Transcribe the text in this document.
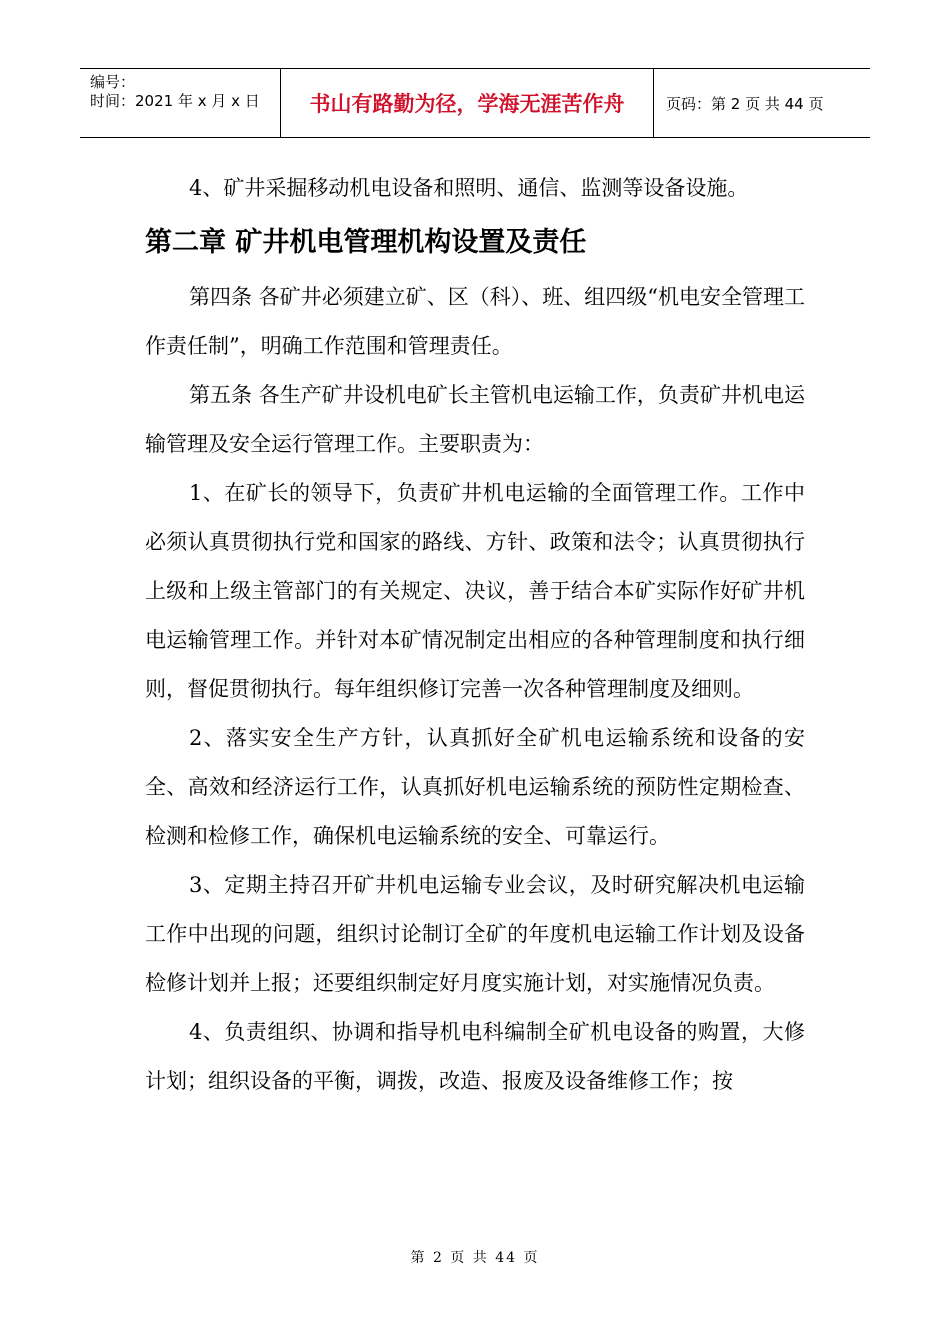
编号：
时间：2021 年 x 月 x 日	书山有路勤为径，学海无涯苦作舟	页码：第 2 页 共 44 页

4、矿井采掘移动机电设备和照明、通信、监测等设备设施。

第二章 矿井机电管理机构设置及责任

第四条 各矿井必须建立矿、区（科）、班、组四级“机电安全管理工作责任制”，明确工作范围和管理责任。

第五条 各生产矿井设机电矿长主管机电运输工作，负责矿井机电运输管理及安全运行管理工作。主要职责为：

1、在矿长的领导下，负责矿井机电运输的全面管理工作。工作中必须认真贯彻执行党和国家的路线、方针、政策和法令；认真贯彻执行上级和上级主管部门的有关规定、决议，善于结合本矿实际作好矿井机电运输管理工作。并针对本矿情况制定出相应的各种管理制度和执行细则，督促贯彻执行。每年组织修订完善一次各种管理制度及细则。

2、落实安全生产方针，认真抓好全矿机电运输系统和设备的安全、高效和经济运行工作，认真抓好机电运输系统的预防性定期检查、检测和检修工作，确保机电运输系统的安全、可靠运行。

3、定期主持召开矿井机电运输专业会议，及时研究解决机电运输工作中出现的问题，组织讨论制订全矿的年度机电运输工作计划及设备检修计划并上报；还要组织制定好月度实施计划，对实施情况负责。

4、负责组织、协调和指导机电科编制全矿机电设备的购置，大修计划；组织设备的平衡，调拨，改造、报废及设备维修工作；按

第 2 页 共 44 页
